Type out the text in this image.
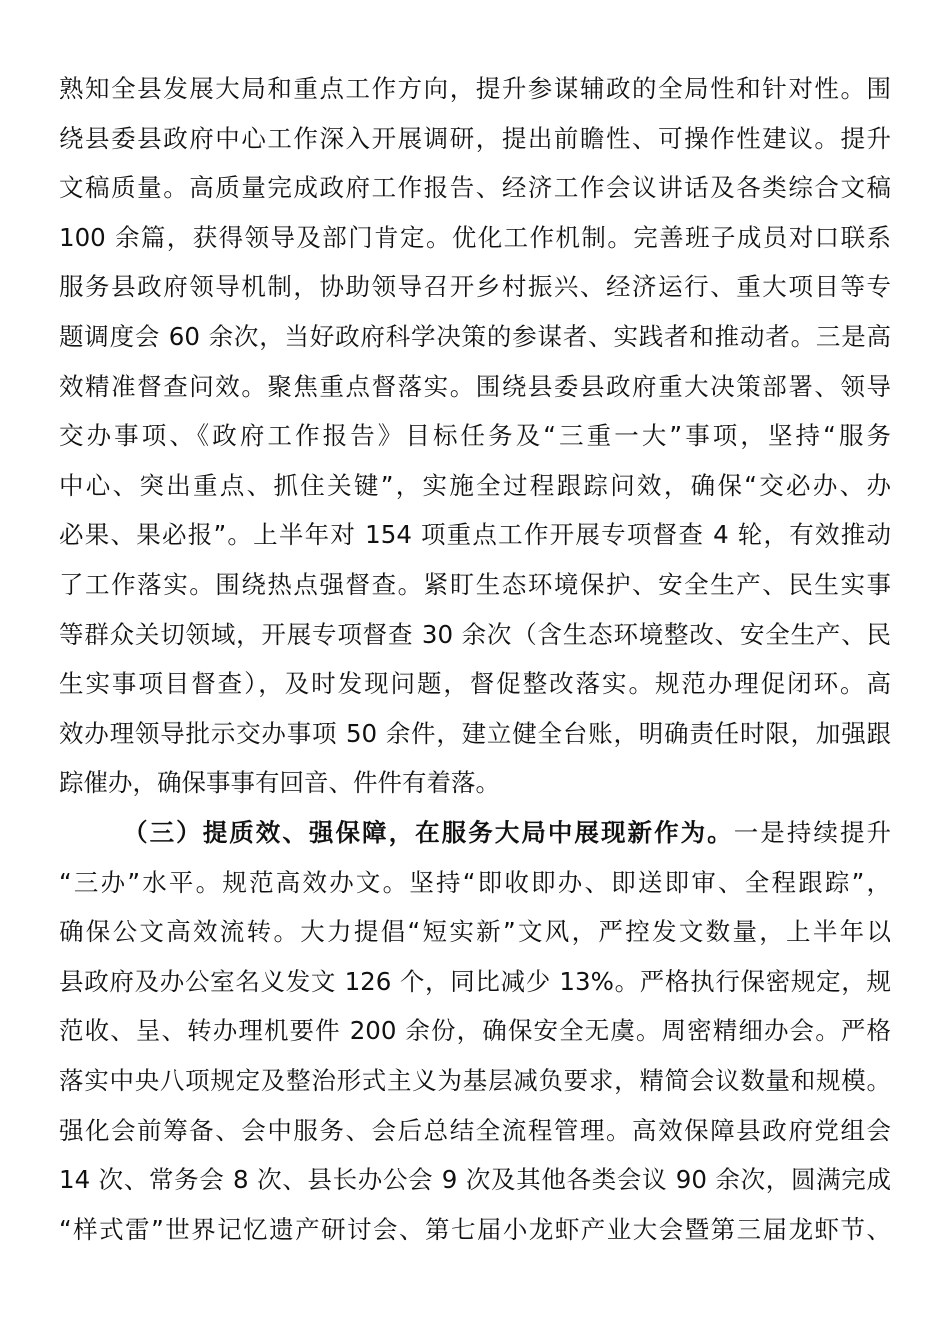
熟知全县发展大局和重点工作方向，提升参谋辅政的全局性和针对性。围
绕县委县政府中心工作深入开展调研，提出前瞻性、可操作性建议。提升
文稿质量。高质量完成政府工作报告、经济工作会议讲话及各类综合文稿
100 余篇，获得领导及部门肯定。优化工作机制。完善班子成员对口联系
服务县政府领导机制，协助领导召开乡村振兴、经济运行、重大项目等专
题调度会 60 余次，当好政府科学决策的参谋者、实践者和推动者。三是高
效精准督查问效。聚焦重点督落实。围绕县委县政府重大决策部署、领导
交办事项、《政府工作报告》目标任务及“三重一大”事项，坚持“服务
中心、突出重点、抓住关键”，实施全过程跟踪问效，确保“交必办、办
必果、果必报”。上半年对 154 项重点工作开展专项督查 4 轮，有效推动
了工作落实。围绕热点强督查。紧盯生态环境保护、安全生产、民生实事
等群众关切领域，开展专项督查 30 余次（含生态环境整改、安全生产、民
生实事项目督查），及时发现问题，督促整改落实。规范办理促闭环。高
效办理领导批示交办事项 50 余件，建立健全台账，明确责任时限，加强跟
踪催办，确保事事有回音、件件有着落。
（三）提质效、强保障，在服务大局中展现新作为。一是持续提升
“三办”水平。规范高效办文。坚持“即收即办、即送即审、全程跟踪”，
确保公文高效流转。大力提倡“短实新”文风，严控发文数量，上半年以
县政府及办公室名义发文 126 个，同比减少 13%。严格执行保密规定，规
范收、呈、转办理机要件 200 余份，确保安全无虞。周密精细办会。严格
落实中央八项规定及整治形式主义为基层减负要求，精简会议数量和规模。
强化会前筹备、会中服务、会后总结全流程管理。高效保障县政府党组会
14 次、常务会 8 次、县长办公会 9 次及其他各类会议 90 余次，圆满完成
“样式雷”世界记忆遗产研讨会、第七届小龙虾产业大会暨第三届龙虾节、
